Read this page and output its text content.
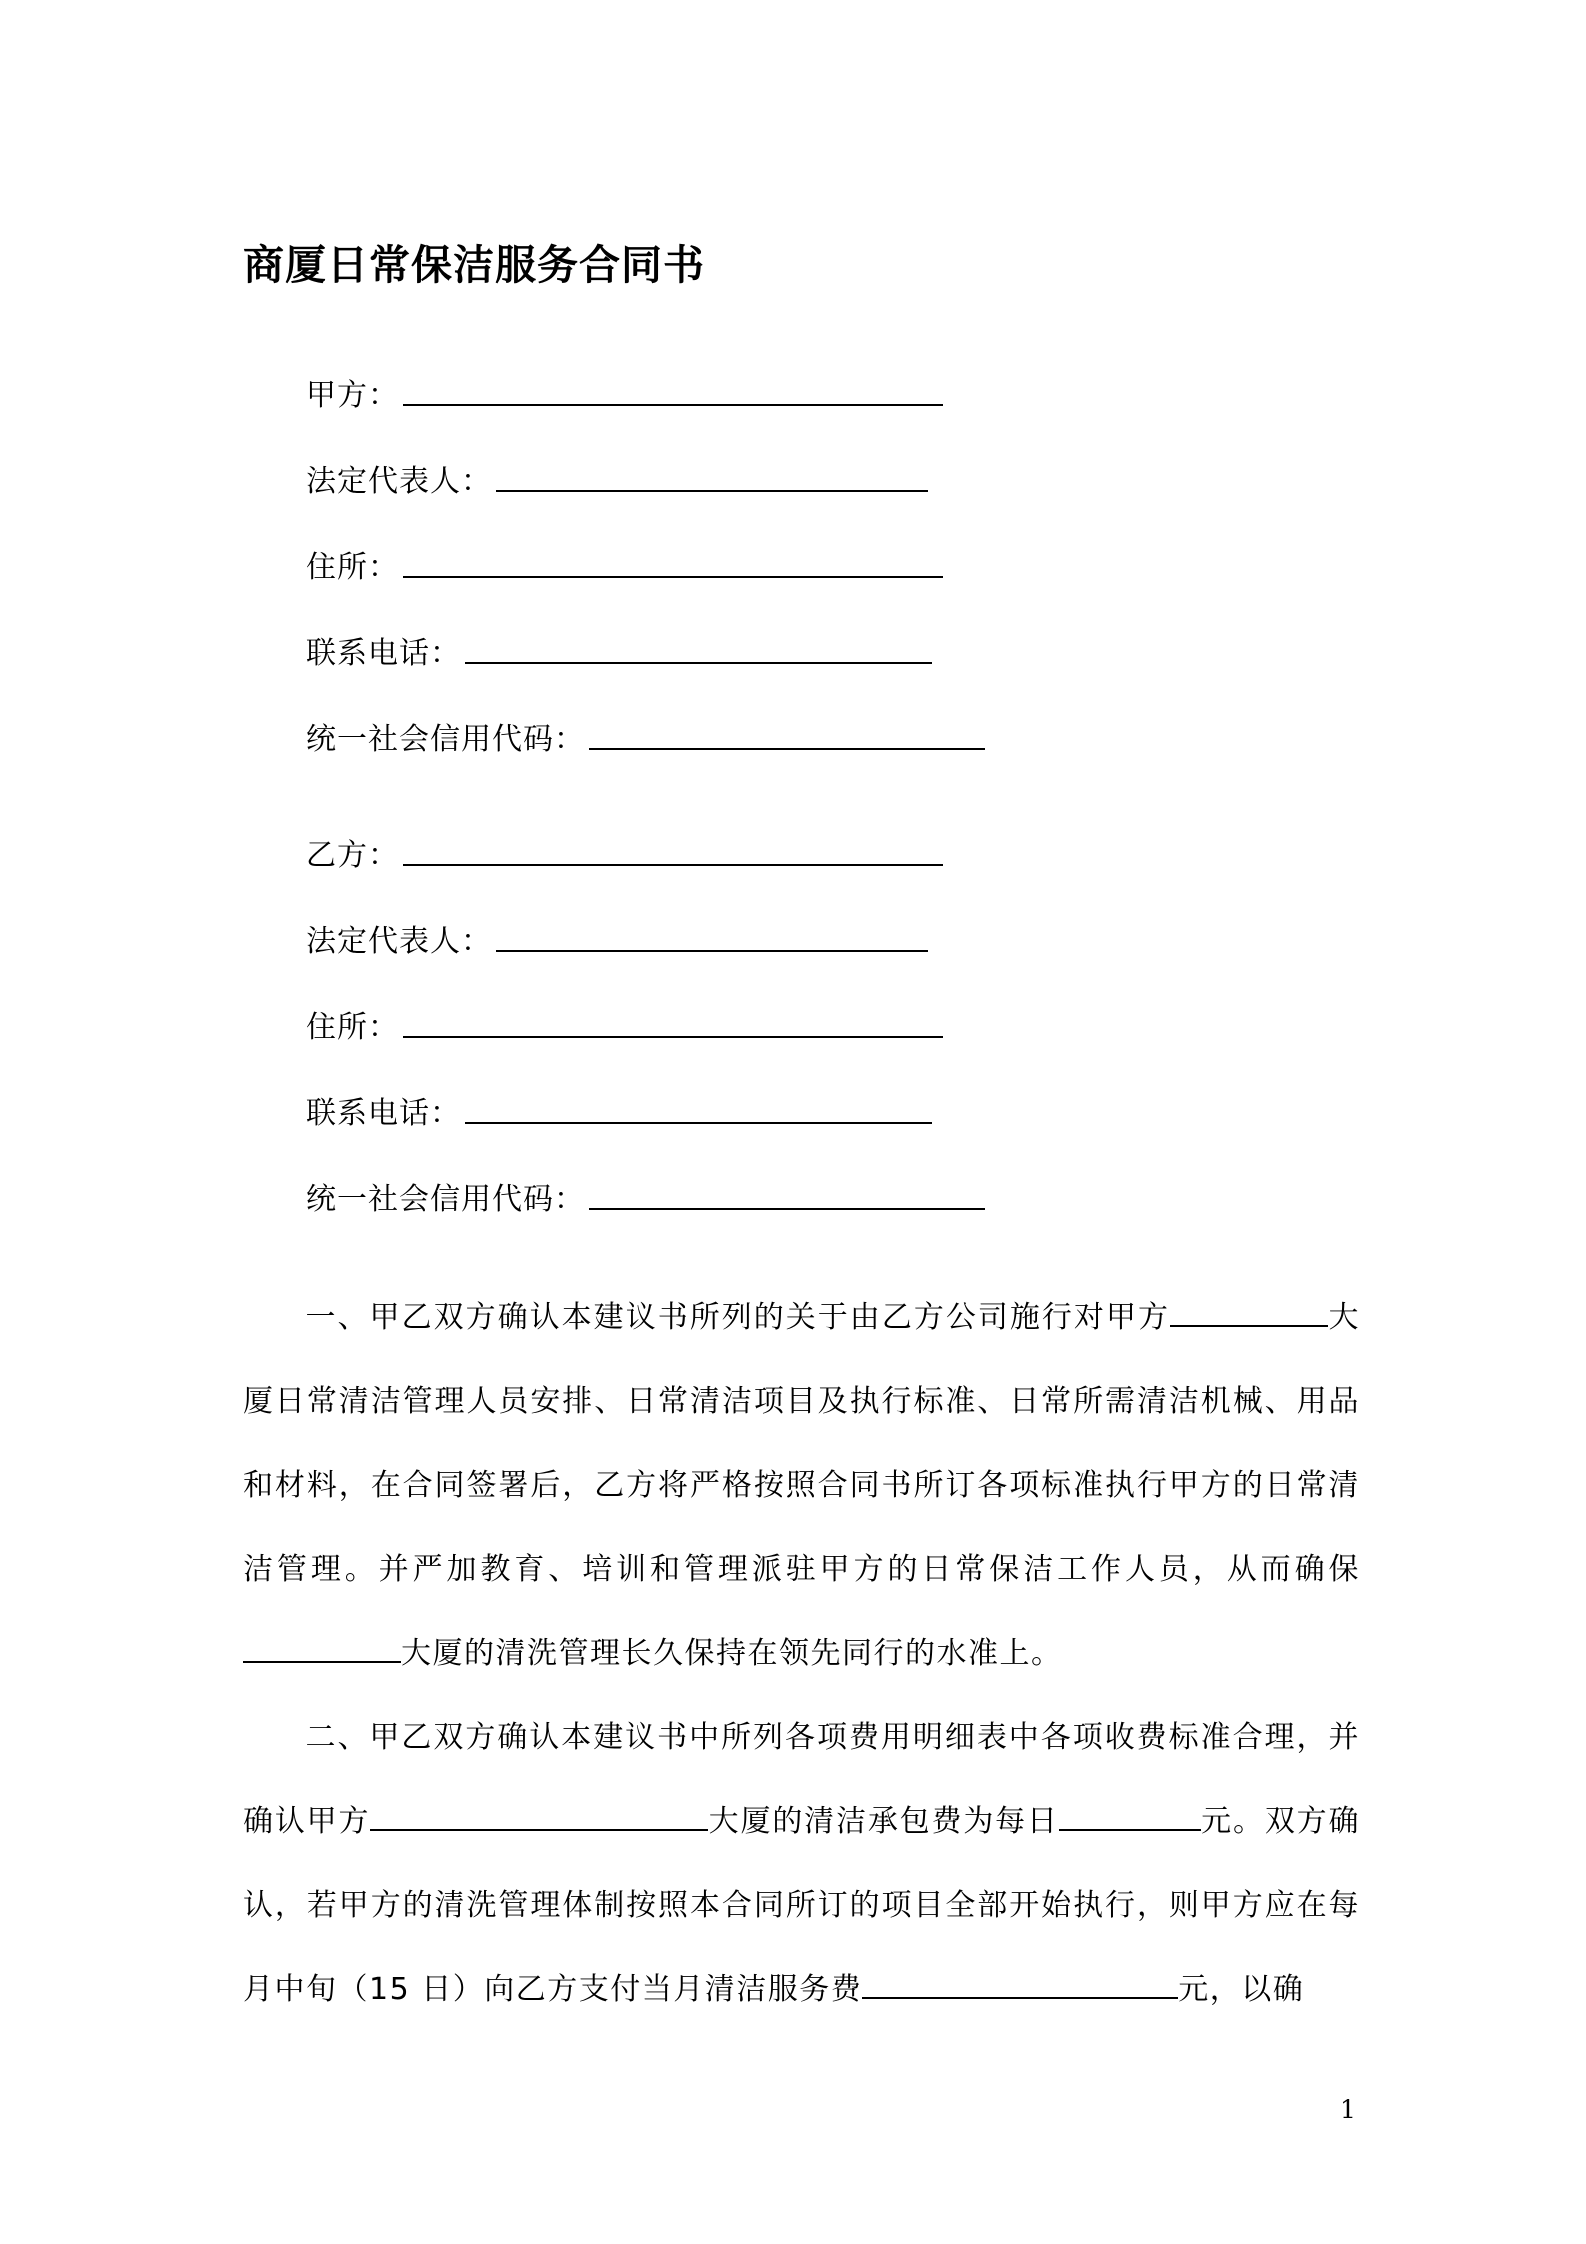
商厦日常保洁服务合同书
甲方：
法定代表人：
住所：
联系电话：
统一社会信用代码：
乙方：
法定代表人：
住所：
联系电话：
统一社会信用代码：

一、甲乙双方确认本建议书所列的关于由乙方公司施行对甲方	大厦日常清洁管理人员安排、日常清洁项目及执行标准、日常所需清洁机械、用品和材料，在合同签署后，乙方将严格按照合同书所订各项标准执行甲方的日常清洁管理。并严加教育、培训和管理派驻甲方的日常保洁工作人员，从而确保大厦的清洗管理长久保持在领先同行的水准上。

二、甲乙双方确认本建议书中所列各项费用明细表中各项收费标准合理，并确认甲方	大厦的清洁承包费为每日	元。双方确认，若甲方的清洗管理体制按照本合同所订的项目全部开始执行，则甲方应在每月中旬（15 日）向乙方支付当月清洁服务费	元，以确

1
